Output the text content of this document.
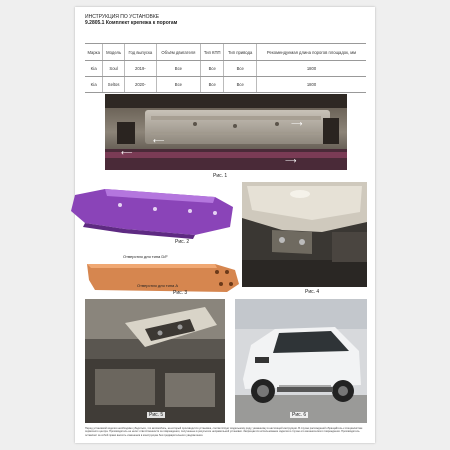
ИНСТРУКЦИЯ ПО УСТАНОВКЕ
9.2805.1 Комплект крепежа к порогам
Марка	Модель	Год выпуска	Объём двигателя	Тип КПП	Тип привода	Рекомендуемая длина порогов площадок, мм
Kia	Soul	2019-	Все	Все	Все	1800
Kia	Seltos	2020-	Все	Все	Все	1800
⟵
⟵
⟶
⟶
Рис. 1
Рис. 2
Отверстия для типа D/F
Отверстия для типа A
Рис. 3	Рис. 4
Рис. 5	Рис. 6
Перед установкой изделия необходимо убедиться, что автомобиль, на который производится установка, соответствует модельному ряду, указанному в настоящей инструкции. В случае расхождений обращайтесь к специалистам сервисного центра. Производитель не несет ответственности за повреждения, полученные в результате неправильной установки. Запрещается использование изделия в случае его механического повреждения. Производитель оставляет за собой право вносить изменения в конструкцию без предварительного уведомления.
